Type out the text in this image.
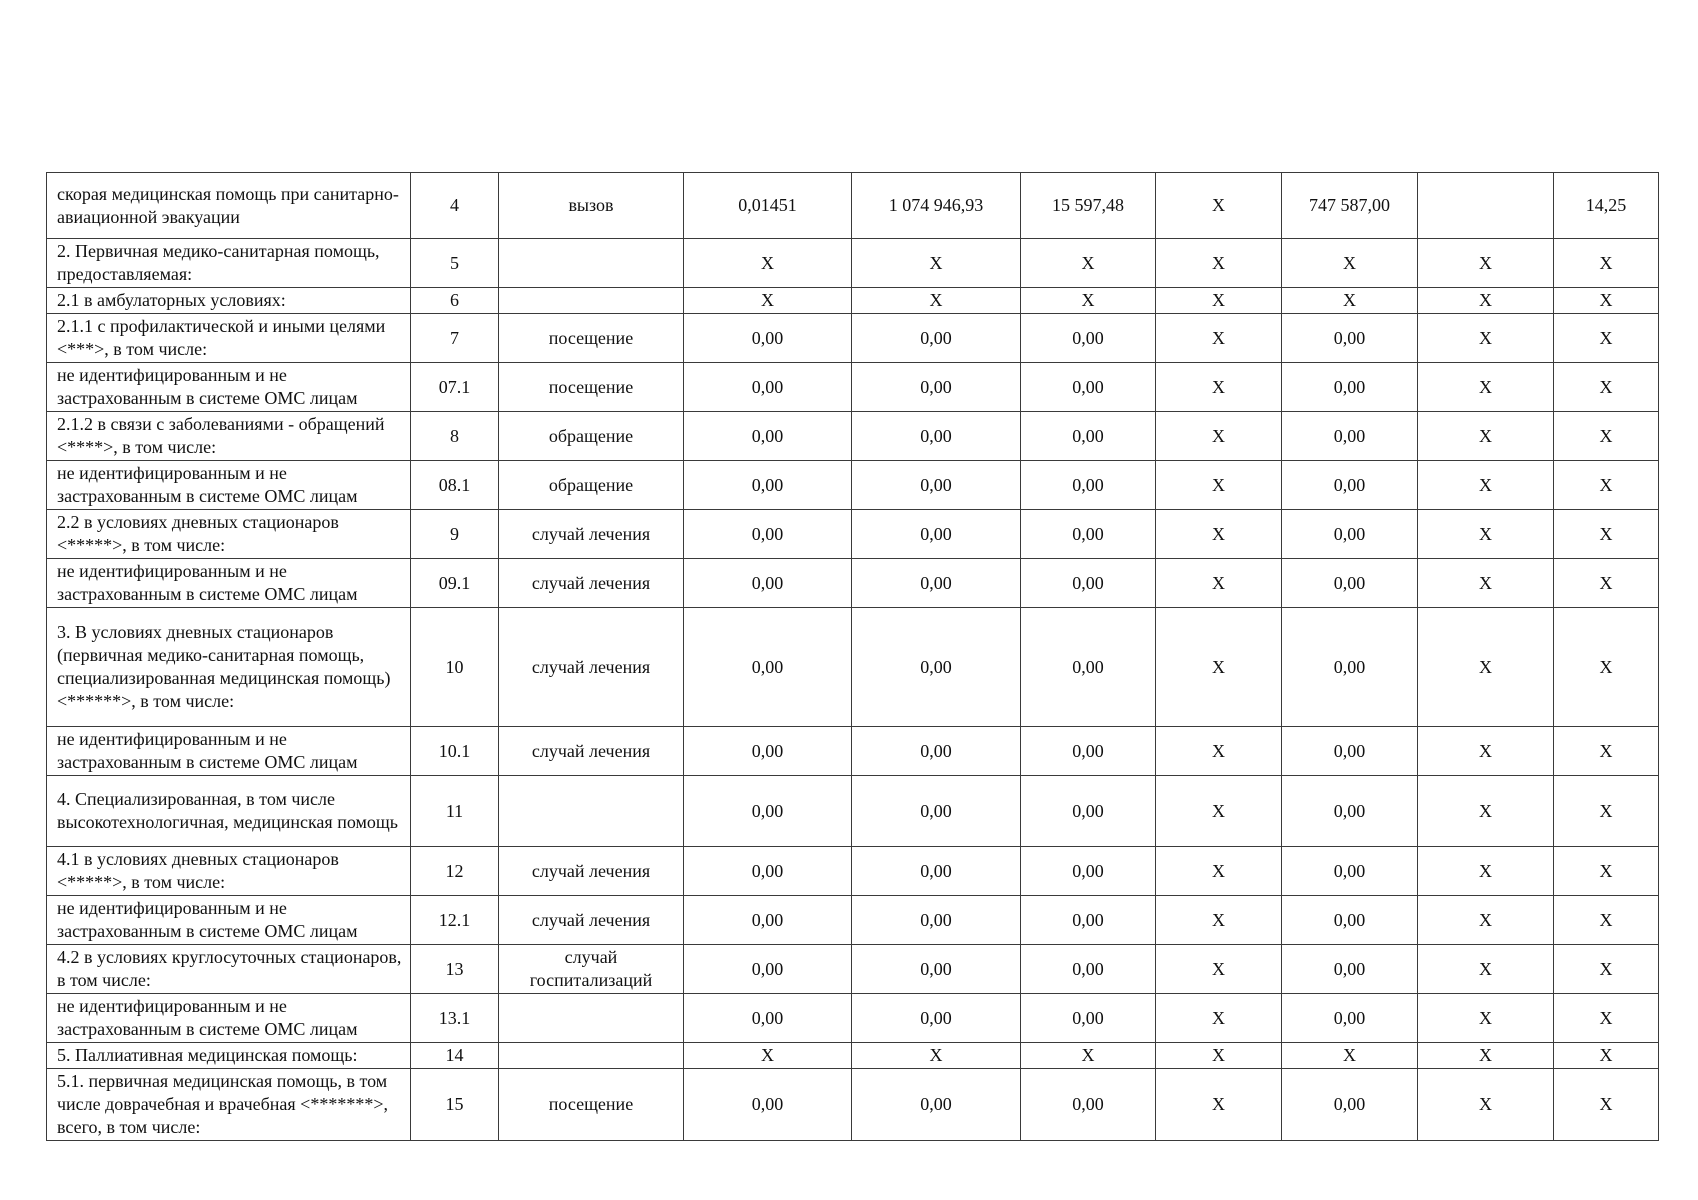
скорая медицинская помощь при санитарно-авиационной эвакуации	4	вызов	0,01451	1 074 946,93	15 597,48	X	747 587,00		14,25
2. Первичная медико-санитарная помощь, предоставляемая:	5		X	X	X	X	X	X	X
2.1 в амбулаторных условиях:	6		X	X	X	X	X	X	X
2.1.1 с профилактической и иными целями <***>, в том числе:	7	посещение	0,00	0,00	0,00	X	0,00	X	X
не идентифицированным и не застрахованным в системе ОМС лицам	07.1	посещение	0,00	0,00	0,00	X	0,00	X	X
2.1.2 в связи с заболеваниями - обращений <****>, в том числе:	8	обращение	0,00	0,00	0,00	X	0,00	X	X
не идентифицированным и не застрахованным в системе ОМС лицам	08.1	обращение	0,00	0,00	0,00	X	0,00	X	X
2.2 в условиях дневных стационаров <*****>, в том числе:	9	случай лечения	0,00	0,00	0,00	X	0,00	X	X
не идентифицированным и не застрахованным в системе ОМС лицам	09.1	случай лечения	0,00	0,00	0,00	X	0,00	X	X
3. В условиях дневных стационаров (первичная медико-санитарная помощь, специализированная медицинская помощь) <******>, в том числе:	10	случай лечения	0,00	0,00	0,00	X	0,00	X	X
не идентифицированным и не застрахованным в системе ОМС лицам	10.1	случай лечения	0,00	0,00	0,00	X	0,00	X	X
4. Специализированная, в том числе высокотехнологичная, медицинская помощь	11		0,00	0,00	0,00	X	0,00	X	X
4.1 в условиях дневных стационаров <*****>, в том числе:	12	случай лечения	0,00	0,00	0,00	X	0,00	X	X
не идентифицированным и не застрахованным в системе ОМС лицам	12.1	случай лечения	0,00	0,00	0,00	X	0,00	X	X
4.2 в условиях круглосуточных стационаров, в том числе:	13	случай госпитализаций	0,00	0,00	0,00	X	0,00	X	X
не идентифицированным и не застрахованным в системе ОМС лицам	13.1		0,00	0,00	0,00	X	0,00	X	X
5. Паллиативная медицинская помощь:	14		X	X	X	X	X	X	X
5.1. первичная медицинская помощь, в том числе доврачебная и врачебная <*******>, всего, в том числе:	15	посещение	0,00	0,00	0,00	X	0,00	X	X
